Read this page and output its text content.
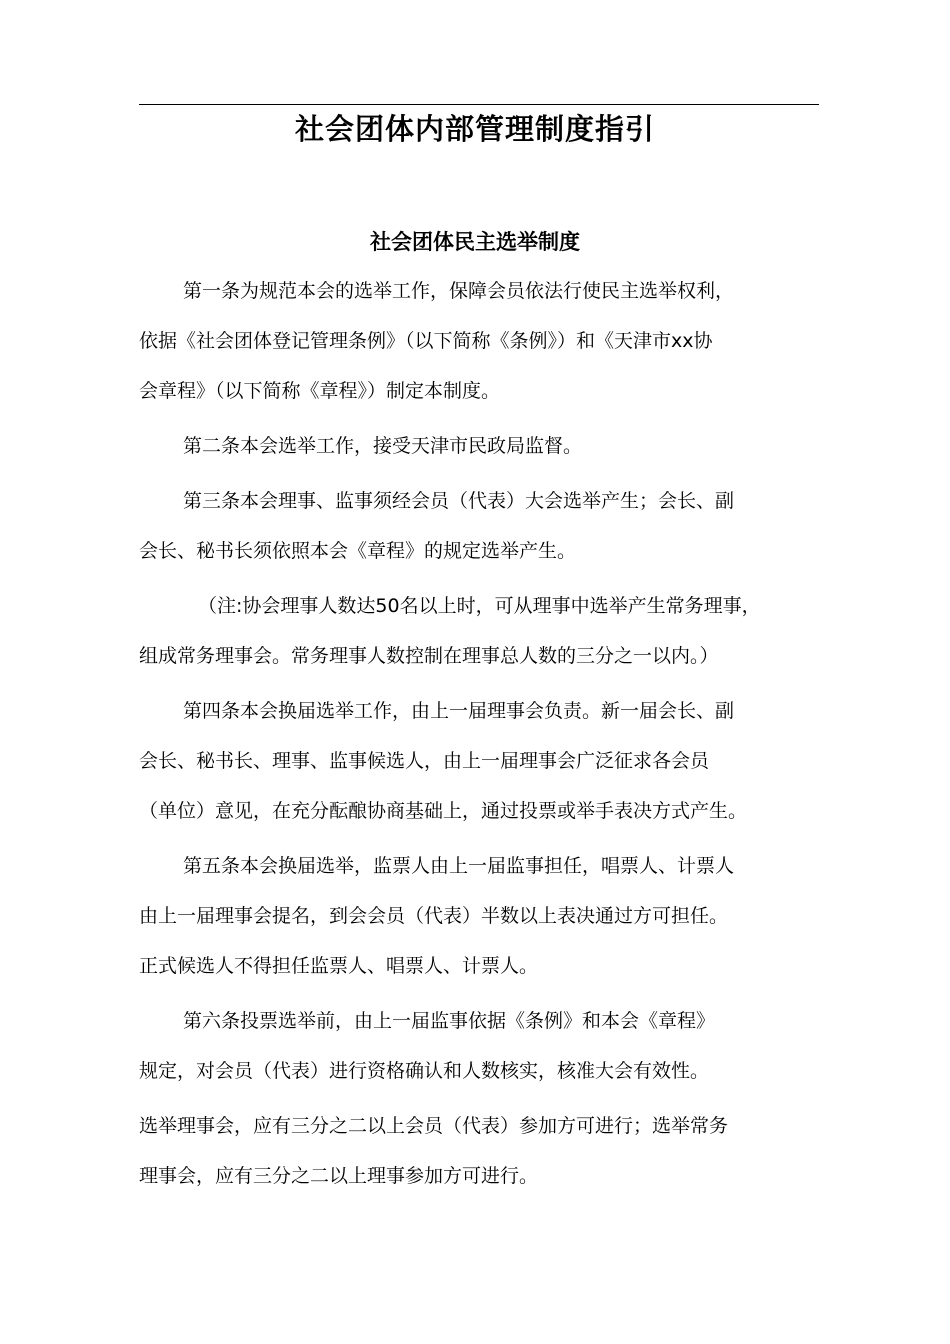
社会团体内部管理制度指引
社会团体民主选举制度
第一条为规范本会的选举工作，保障会员依法行使民主选举权利，
依据《社会团体登记管理条例》（以下简称《条例》）和《天津市xx协
会章程》（以下简称《章程》）制定本制度。
第二条本会选举工作，接受天津市民政局监督。
第三条本会理事、监事须经会员（代表）大会选举产生；会长、副
会长、秘书长须依照本会《章程》的规定选举产生。
（注:协会理事人数达50名以上时，可从理事中选举产生常务理事，
组成常务理事会。常务理事人数控制在理事总人数的三分之一以内。）
第四条本会换届选举工作，由上一届理事会负责。新一届会长、副
会长、秘书长、理事、监事候选人，由上一届理事会广泛征求各会员
（单位）意见，在充分酝酿协商基础上，通过投票或举手表决方式产生。
第五条本会换届选举，监票人由上一届监事担任，唱票人、计票人
由上一届理事会提名，到会会员（代表）半数以上表决通过方可担任。
正式候选人不得担任监票人、唱票人、计票人。
第六条投票选举前，由上一届监事依据《条例》和本会《章程》
规定，对会员（代表）进行资格确认和人数核实，核准大会有效性。
选举理事会，应有三分之二以上会员（代表）参加方可进行；选举常务
理事会，应有三分之二以上理事参加方可进行。
